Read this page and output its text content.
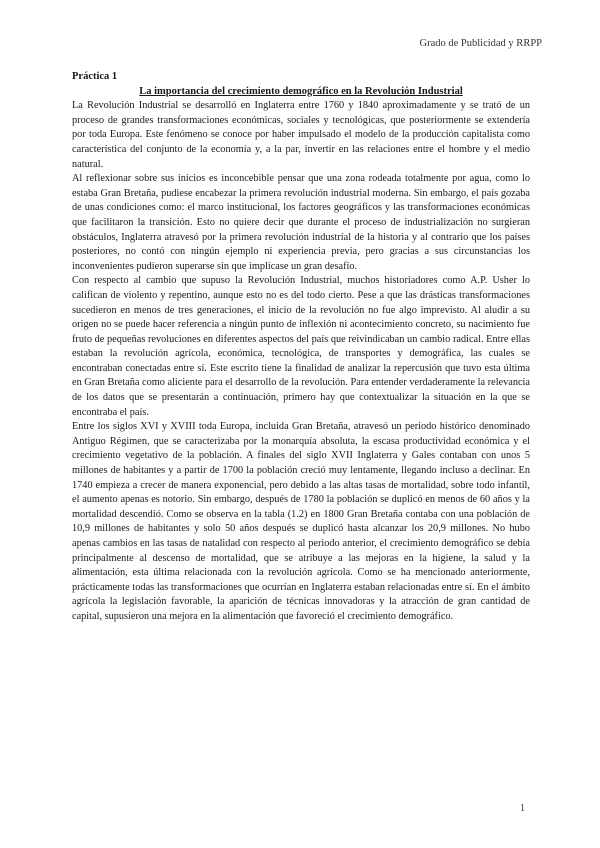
Grado de Publicidad y RRPP

Práctica 1

La importancia del crecimiento demográfico en la Revolución Industrial

La Revolución Industrial se desarrolló en Inglaterra entre 1760 y 1840 aproximadamente y se trató de un proceso de grandes transformaciones económicas, sociales y tecnológicas, que posteriormente se extendería por toda Europa. Este fenómeno se conoce por haber impulsado el modelo de la producción capitalista como característica del conjunto de la economía y, a la par, invertir en las relaciones entre el hombre y el medio natural.

Al reflexionar sobre sus inicios es inconcebible pensar que una zona rodeada totalmente por agua, como lo estaba Gran Bretaña, pudiese encabezar la primera revolución industrial moderna. Sin embargo, el país gozaba de unas condiciones como: el marco institucional, los factores geográficos y las transformaciones económicas que facilitaron la transición. Esto no quiere decir que durante el proceso de industrialización no surgieran obstáculos, Inglaterra atravesó por la primera revolución industrial de la historia y al contrario que los países posteriores, no contó con ningún ejemplo ni experiencia previa, pero gracias a sus circunstancias los inconvenientes pudieron superarse sin que implicase un gran desafío.

Con respecto al cambio que supuso la Revolución Industrial, muchos historiadores como A.P. Usher lo califican de violento y repentino, aunque esto no es del todo cierto. Pese a que las drásticas transformaciones sucedieron en menos de tres generaciones, el inicio de la revolución no fue algo imprevisto. Al aludir a su origen no se puede hacer referencia a ningún punto de inflexión ni acontecimiento concreto, su nacimiento fue fruto de pequeñas revoluciones en diferentes aspectos del país que reivindicaban un cambio radical. Entre ellas estaban la revolución agrícola, económica, tecnológica, de transportes y demográfica, las cuales se encontraban conectadas entre sí. Este escrito tiene la finalidad de analizar la repercusión que tuvo esta última en Gran Bretaña como aliciente para el desarrollo de la revolución. Para entender verdaderamente la relevancia de los datos que se presentarán a continuación, primero hay que contextualizar la situación en la que se encontraba el país.

Entre los siglos XVI y XVIII toda Europa, incluida Gran Bretaña, atravesó un periodo histórico denominado Antiguo Régimen, que se caracterizaba por la monarquía absoluta, la escasa productividad económica y el crecimiento vegetativo de la población. A finales del siglo XVII Inglaterra y Gales contaban con unos 5 millones de habitantes y a partir de 1700 la población creció muy lentamente, llegando incluso a declinar. En 1740 empieza a crecer de manera exponencial, pero debido a las altas tasas de mortalidad, sobre todo infantil, el aumento apenas es notorio. Sin embargo, después de 1780 la población se duplicó en menos de 60 años y la mortalidad descendió. Como se observa en la tabla (1.2) en 1800 Gran Bretaña contaba con una población de 10,9 millones de habitantes y solo 50 años después se duplicó hasta alcanzar los 20,9 millones. No hubo apenas cambios en las tasas de natalidad con respecto al periodo anterior, el crecimiento demográfico se debía principalmente al descenso de mortalidad, que se atribuye a las mejoras en la higiene, la salud y la alimentación, esta última relacionada con la revolución agrícola. Como se ha mencionado anteriormente, prácticamente todas las transformaciones que ocurrían en Inglaterra estaban relacionadas entre sí. En el ámbito agrícola la legislación favorable, la aparición de técnicas innovadoras y la atracción de gran cantidad de capital, supusieron una mejora en la alimentación que favoreció el crecimiento demográfico.

1
